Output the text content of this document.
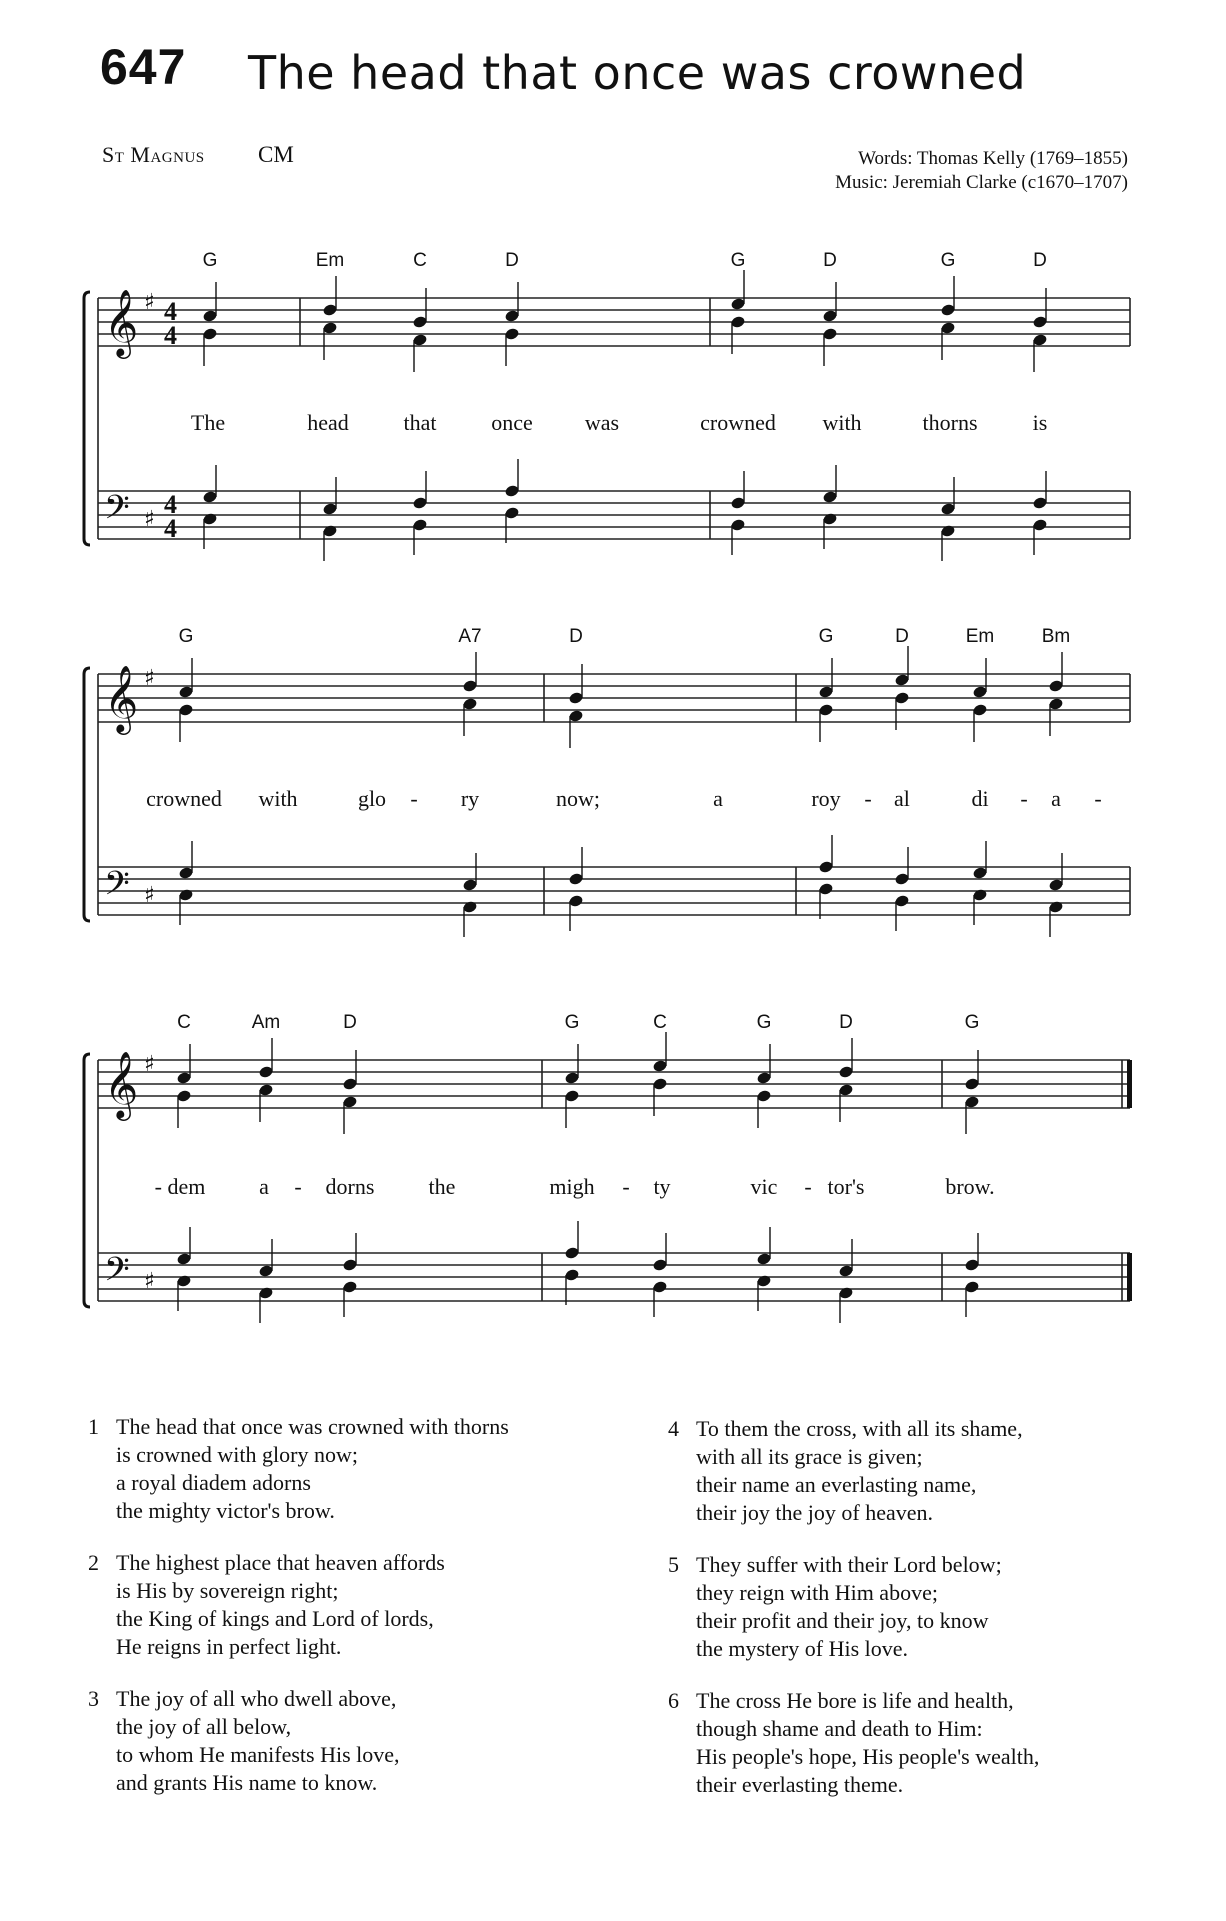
647 The head that once was crowned
St Magnus CM	Words: Thomas Kelly (1769–1855)
Music: Jeremiah Clarke (c1670–1707)
𝄞 ♯ 4
4
𝄢 ♯
4
4
G	Em	C	D	G	D	G	D
The	head that once was	crowned with	thorns	is
𝄞 ♯
𝄢 ♯
G	A7	D	G	D	Em	Bm
crowned with	glo - ry	now;	a	roy - al	di - a -
𝄞 ♯
𝄢 ♯
C	Am	D	G	C	G	D	G
- dem a - dorns the	migh - ty	vic - tor's	brow.
1 The head that once was crowned with thorns
is crowned with glory now;
a royal diadem adorns
the mighty victor's brow.
2 The highest place that heaven affords
is His by sovereign right;
the King of kings and Lord of lords,
He reigns in perfect light.
3 The joy of all who dwell above,
the joy of all below,
to whom He manifests His love,
and grants His name to know.
4 To them the cross, with all its shame,
with all its grace is given;
their name an everlasting name,
their joy the joy of heaven.
5 They suffer with their Lord below;
they reign with Him above;
their profit and their joy, to know
the mystery of His love.
6 The cross He bore is life and health,
though shame and death to Him:
His people's hope, His people's wealth,
their everlasting theme.
